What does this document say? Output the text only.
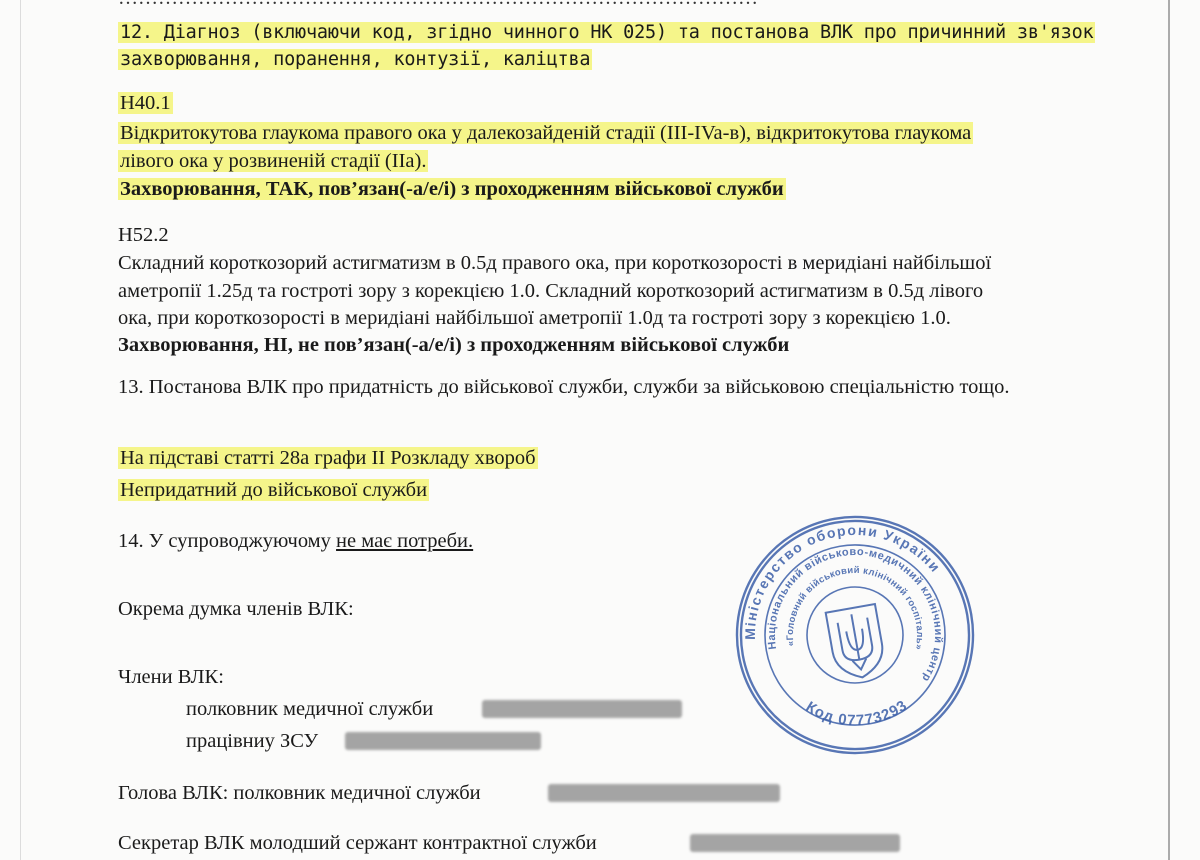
12. Діагноз (включаючи код, згідно чинного НК 025) та постанова ВЛК про причинний зв'язок
захворювання, поранення, контузії, каліцтва
H40.1
Відкритокутова глаукома правого ока у далекозайденій стадії (III-IVa-в), відкритокутова глаукома
лівого ока у розвиненій стадії (IIa).
Захворювання, ТАК, пов’язан(-а/е/і) з проходженням військової служби
H52.2
Складний короткозорий астигматизм в 0.5д правого ока, при короткозорості в меридіані найбільшої
аметропії 1.25д та гостроті зору з корекцією 1.0. Складний короткозорий астигматизм в 0.5д лівого
ока, при короткозорості в меридіані найбільшої аметропії 1.0д та гостроті зору з корекцією 1.0.
Захворювання, НІ, не пов’язан(-а/е/і) з проходженням військової служби
13. Постанова ВЛК про придатність до військової служби, служби за військовою спеціальністю тощо.
На підставі статті 28а графи II Розкладу хвороб
Непридатний до військової служби
14. У супроводжуючому не має потреби.
Окрема думка членів ВЛК:
Члени ВЛК:
полковник медичної служби
працівниу ЗСУ
Голова ВЛК: полковник медичної служби
Секретар ВЛК молодший сержант контрактної служби
Міністерство оборони України
Національний військово-медичний клінічний центр
«Головний військовий клінічний госпіталь»
Код 07773293
